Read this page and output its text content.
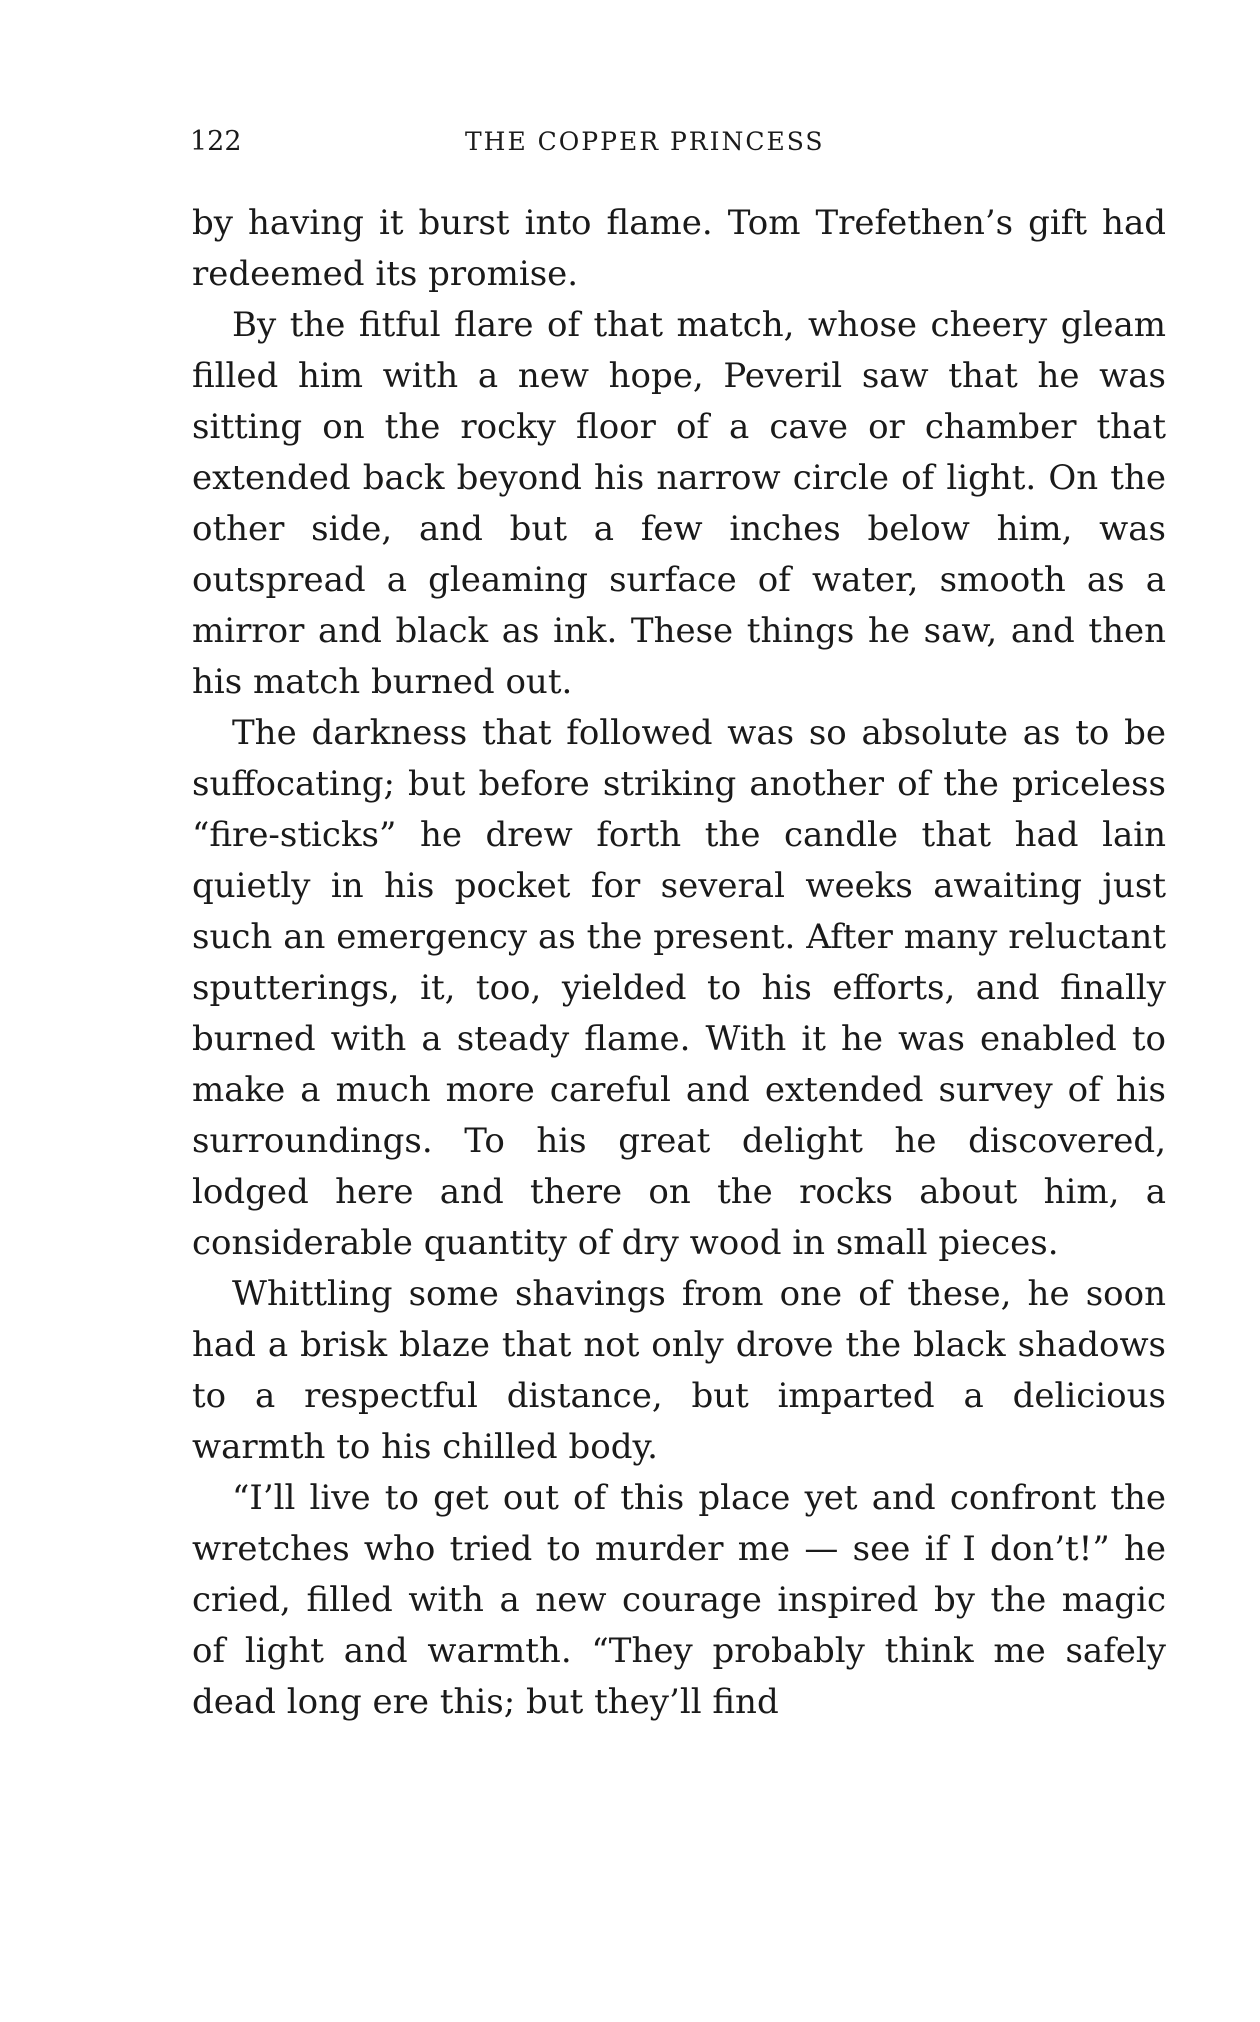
122	THE COPPER PRINCESS

by having it burst into flame. Tom Trefethen’s gift had redeemed its promise.

By the fitful flare of that match, whose cheery gleam filled him with a new hope, Peveril saw that he was sitting on the rocky floor of a cave or chamber that extended back beyond his narrow circle of light. On the other side, and but a few inches below him, was outspread a gleaming surface of water, smooth as a mirror and black as ink. These things he saw, and then his match burned out.

The darkness that followed was so absolute as to be suffocating; but before striking another of the priceless “fire-sticks” he drew forth the candle that had lain quietly in his pocket for several weeks awaiting just such an emergency as the present. After many reluctant sputterings, it, too, yielded to his efforts, and finally burned with a steady flame. With it he was enabled to make a much more careful and extended survey of his surroundings. To his great delight he discovered, lodged here and there on the rocks about him, a considerable quantity of dry wood in small pieces.

Whittling some shavings from one of these, he soon had a brisk blaze that not only drove the black shadows to a respectful distance, but imparted a delicious warmth to his chilled body.

“I’ll live to get out of this place yet and confront the wretches who tried to murder me — see if I don’t!” he cried, filled with a new courage inspired by the magic of light and warmth. “They probably think me safely dead long ere this; but they’ll find
